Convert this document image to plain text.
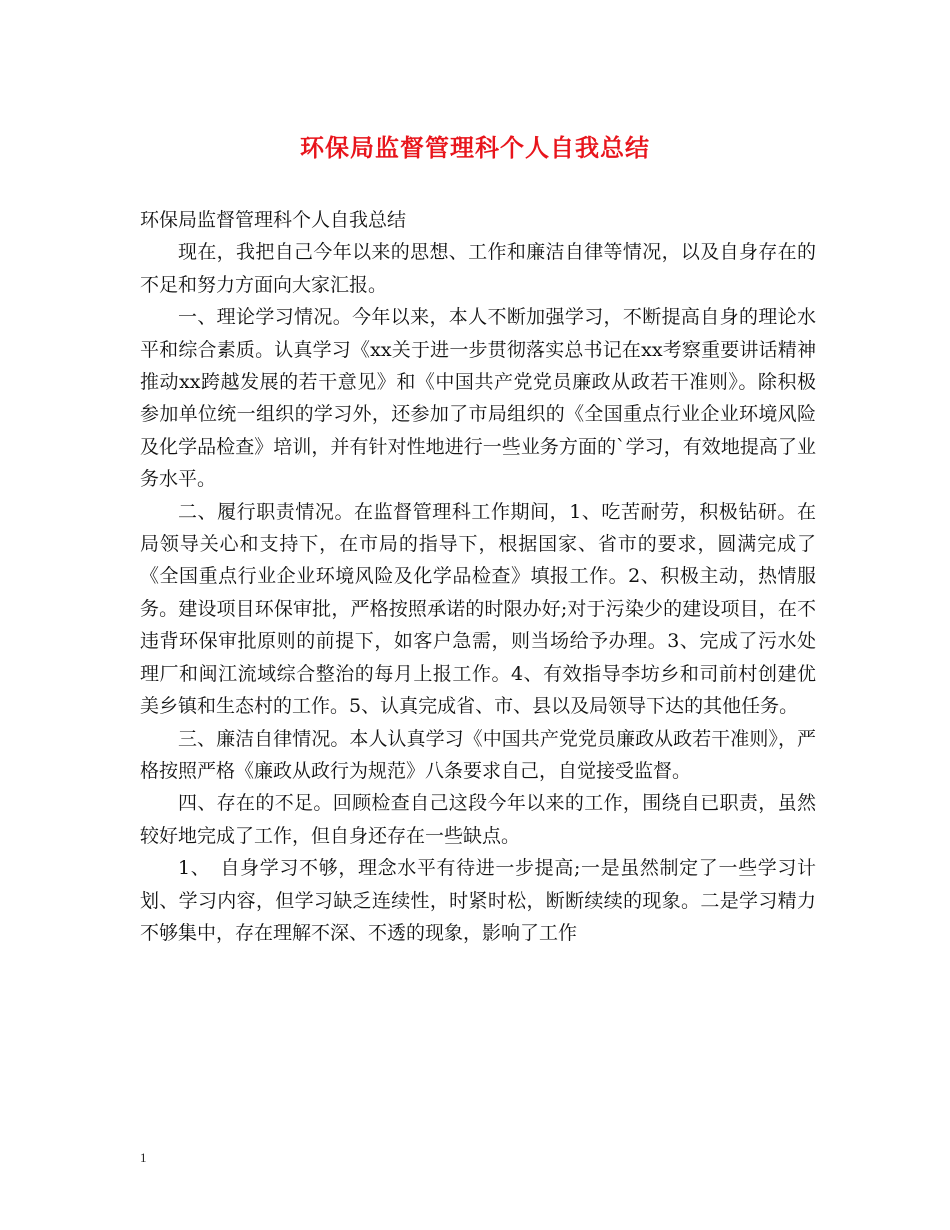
环保局监督管理科个人自我总结

环保局监督管理科个人自我总结

现在，我把自己今年以来的思想、工作和廉洁自律等情况，以及自身存在的不足和努力方面向大家汇报。

一、理论学习情况。今年以来，本人不断加强学习，不断提高自身的理论水平和综合素质。认真学习《xx关于进一步贯彻落实总书记在xx考察重要讲话精神推动xx跨越发展的若干意见》和《中国共产党党员廉政从政若干准则》。除积极参加单位统一组织的学习外，还参加了市局组织的《全国重点行业企业环境风险及化学品检查》培训，并有针对性地进行一些业务方面的`学习，有效地提高了业务水平。

二、履行职责情况。在监督管理科工作期间，1、吃苦耐劳，积极钻研。在局领导关心和支持下，在市局的指导下，根据国家、省市的要求，圆满完成了《全国重点行业企业环境风险及化学品检查》填报工作。2、积极主动，热情服务。建设项目环保审批，严格按照承诺的时限办好;对于污染少的建设项目，在不违背环保审批原则的前提下，如客户急需，则当场给予办理。3、完成了污水处理厂和闽江流域综合整治的每月上报工作。4、有效指导李坊乡和司前村创建优美乡镇和生态村的工作。5、认真完成省、市、县以及局领导下达的其他任务。

三、廉洁自律情况。本人认真学习《中国共产党党员廉政从政若干准则》，严格按照严格《廉政从政行为规范》八条要求自己，自觉接受监督。

四、存在的不足。回顾检查自己这段今年以来的工作，围绕自已职责，虽然较好地完成了工作，但自身还存在一些缺点。

1、　自身学习不够，理念水平有待进一步提高;一是虽然制定了一些学习计划、学习内容，但学习缺乏连续性，时紧时松，断断续续的现象。二是学习精力不够集中，存在理解不深、不透的现象，影响了工作

1
